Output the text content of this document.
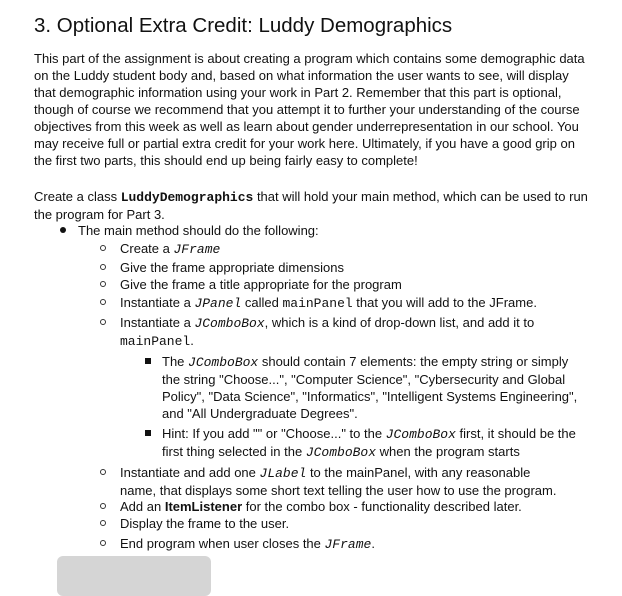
3. Optional Extra Credit: Luddy Demographics

This part of the assignment is about creating a program which contains some demographic data on the Luddy student body and, based on what information the user wants to see, will display that demographic information using your work in Part 2. Remember that this part is optional, though of course we recommend that you attempt it to further your understanding of the course objectives from this week as well as learn about gender underrepresentation in our school. You may receive full or partial extra credit for your work here. Ultimately, if you have a good grip on the first two parts, this should end up being fairly easy to complete!

Create a class LuddyDemographics that will hold your main method, which can be used to run the program for Part 3.

The main method should do the following:
Create a JFrame
Give the frame appropriate dimensions
Give the frame a title appropriate for the program
Instantiate a JPanel called mainPanel that you will add to the JFrame.
Instantiate a JComboBox, which is a kind of drop-down list, and add it to
mainPanel.
The JComboBox should contain 7 elements: the empty string or simply the string "Choose...", "Computer Science", "Cybersecurity and Global Policy", "Data Science", "Informatics", "Intelligent Systems Engineering", and "All Undergraduate Degrees".
Hint: If you add "" or "Choose..." to the JComboBox first, it should be the first thing selected in the JComboBox when the program starts
Instantiate and add one JLabel to the mainPanel, with any reasonable name, that displays some short text telling the user how to use the program.
Add an ItemListener for the combo box - functionality described later.
Display the frame to the user.
End program when user closes the JFrame.
